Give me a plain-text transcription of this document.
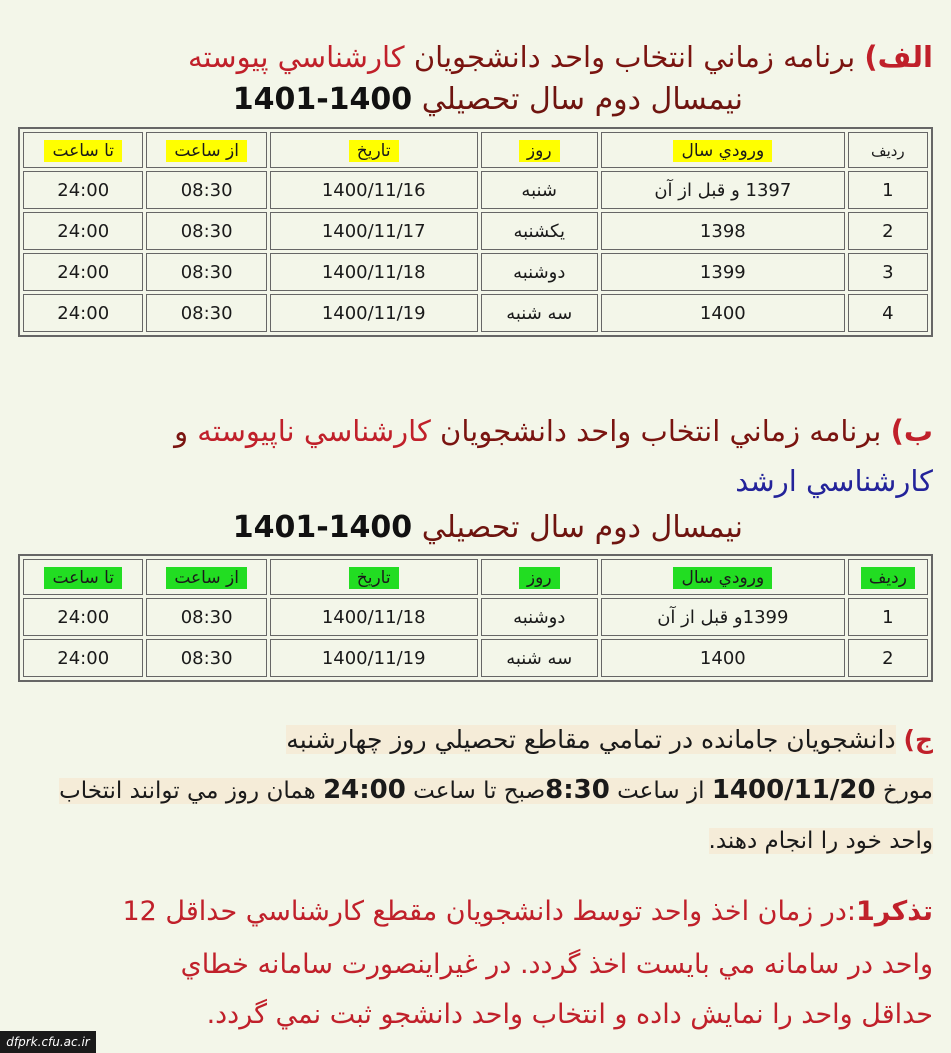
الف) برنامه زماني انتخاب واحد دانشجويان كارشناسي پيوسته
نيمسال دوم سال تحصيلي 1400-1401
رديف	ورودي سال	روز	تاريخ	از ساعت	تا ساعت
1	1397 و قبل از آن	شنبه	1400/11/16	08:30	24:00
2	1398	يكشنبه	1400/11/17	08:30	24:00
3	1399	دوشنبه	1400/11/18	08:30	24:00
4	1400	سه شنبه	1400/11/19	08:30	24:00
ب) برنامه زماني انتخاب واحد دانشجويان كارشناسي ناپيوسته و
كارشناسي ارشد
نيمسال دوم سال تحصيلي 1400-1401
رديف	ورودي سال	روز	تاريخ	از ساعت	تا ساعت
1	1399و قبل از آن	دوشنبه	1400/11/18	08:30	24:00
2	1400	سه شنبه	1400/11/19	08:30	24:00
ج) دانشجويان جامانده در تمامي مقاطع تحصيلي روز چهارشنبه
مورخ 1400/11/20 از ساعت 8:30صبح تا ساعت 24:00 همان روز مي توانند انتخاب
واحد خود را انجام دهند.
تذكر1:در زمان اخذ واحد توسط دانشجويان مقطع كارشناسي حداقل 12
واحد در سامانه مي بايست اخذ گردد. در غيراينصورت سامانه خطاي
حداقل واحد را نمايش داده و انتخاب واحد دانشجو ثبت نمي گردد.
dfprk.cfu.ac.ir
